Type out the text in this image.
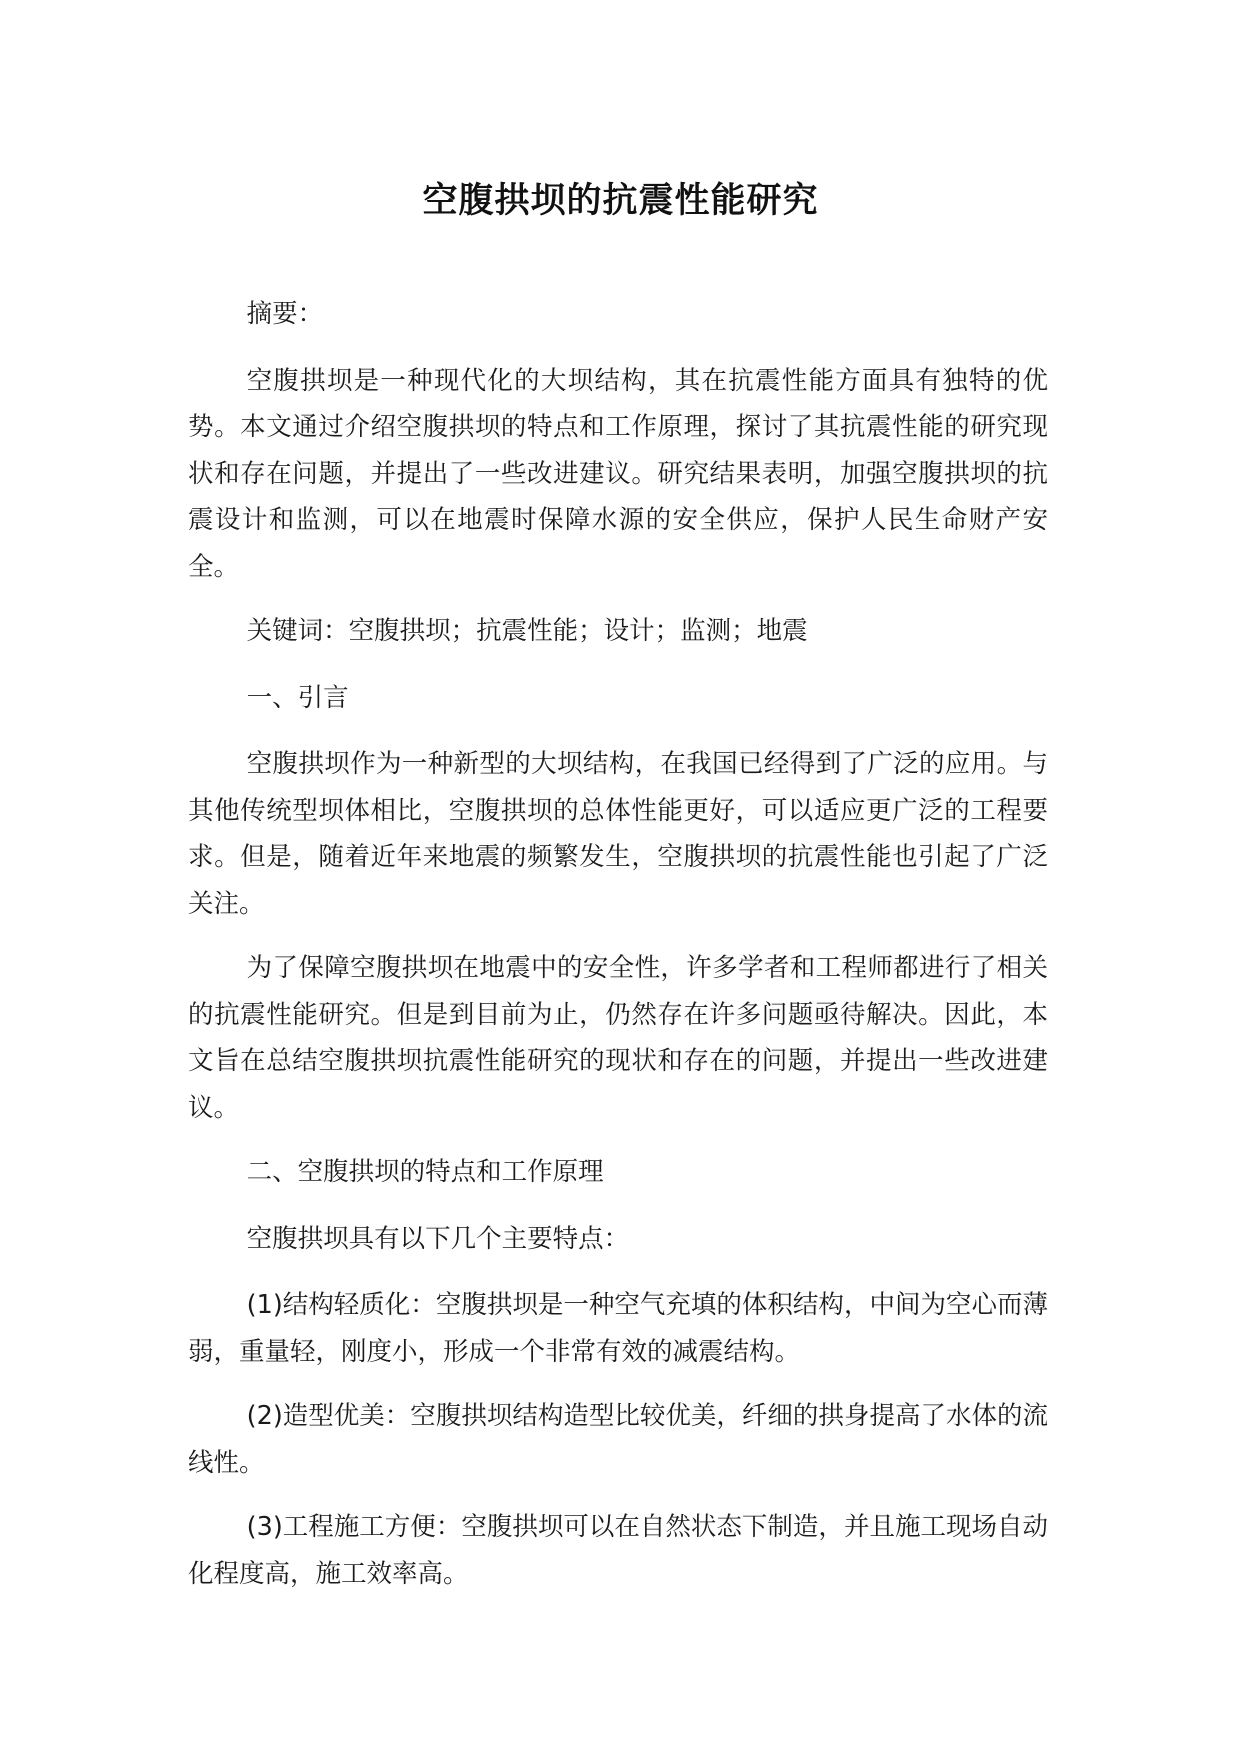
空腹拱坝的抗震性能研究

摘要：

空腹拱坝是一种现代化的大坝结构，其在抗震性能方面具有独特的优势。本文通过介绍空腹拱坝的特点和工作原理，探讨了其抗震性能的研究现状和存在问题，并提出了一些改进建议。研究结果表明，加强空腹拱坝的抗震设计和监测，可以在地震时保障水源的安全供应，保护人民生命财产安全。

关键词：空腹拱坝；抗震性能；设计；监测；地震

一、引言

空腹拱坝作为一种新型的大坝结构，在我国已经得到了广泛的应用。与其他传统型坝体相比，空腹拱坝的总体性能更好，可以适应更广泛的工程要求。但是，随着近年来地震的频繁发生，空腹拱坝的抗震性能也引起了广泛关注。

为了保障空腹拱坝在地震中的安全性，许多学者和工程师都进行了相关的抗震性能研究。但是到目前为止，仍然存在许多问题亟待解决。因此，本文旨在总结空腹拱坝抗震性能研究的现状和存在的问题，并提出一些改进建议。

二、空腹拱坝的特点和工作原理

空腹拱坝具有以下几个主要特点：

(1)结构轻质化：空腹拱坝是一种空气充填的体积结构，中间为空心而薄弱，重量轻，刚度小，形成一个非常有效的减震结构。

(2)造型优美：空腹拱坝结构造型比较优美，纤细的拱身提高了水体的流线性。

(3)工程施工方便：空腹拱坝可以在自然状态下制造，并且施工现场自动化程度高，施工效率高。
